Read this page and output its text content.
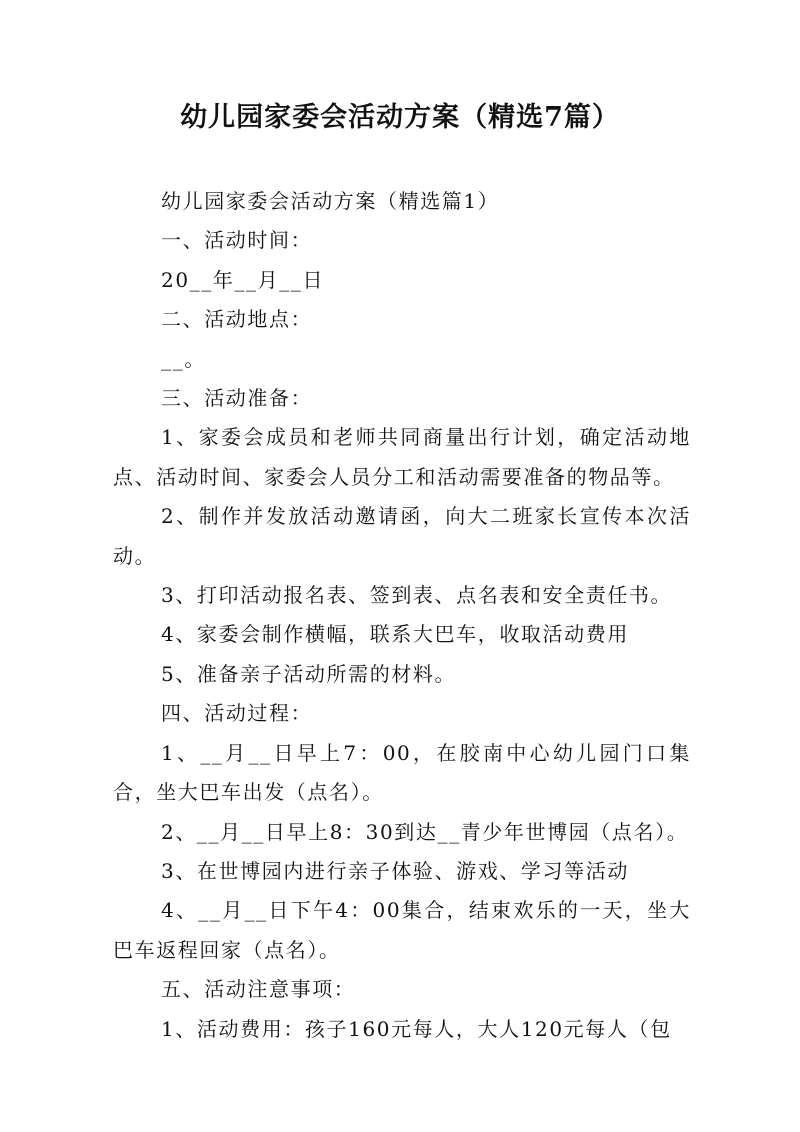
幼儿园家委会活动方案（精选7篇）

幼儿园家委会活动方案（精选篇1）

一、活动时间：

20__年__月__日

二、活动地点：

__。

三、活动准备：

1、家委会成员和老师共同商量出行计划，确定活动地点、活动时间、家委会人员分工和活动需要准备的物品等。

2、制作并发放活动邀请函，向大二班家长宣传本次活动。

3、打印活动报名表、签到表、点名表和安全责任书。

4、家委会制作横幅，联系大巴车，收取活动费用

5、准备亲子活动所需的材料。

四、活动过程：

1、__月__日早上7：00，在胶南中心幼儿园门口集合，坐大巴车出发（点名）。

2、__月__日早上8：30到达__青少年世博园（点名）。

3、在世博园内进行亲子体验、游戏、学习等活动

4、__月__日下午4：00集合，结束欢乐的一天，坐大巴车返程回家（点名）。

五、活动注意事项：

1、活动费用：孩子160元每人，大人120元每人（包
